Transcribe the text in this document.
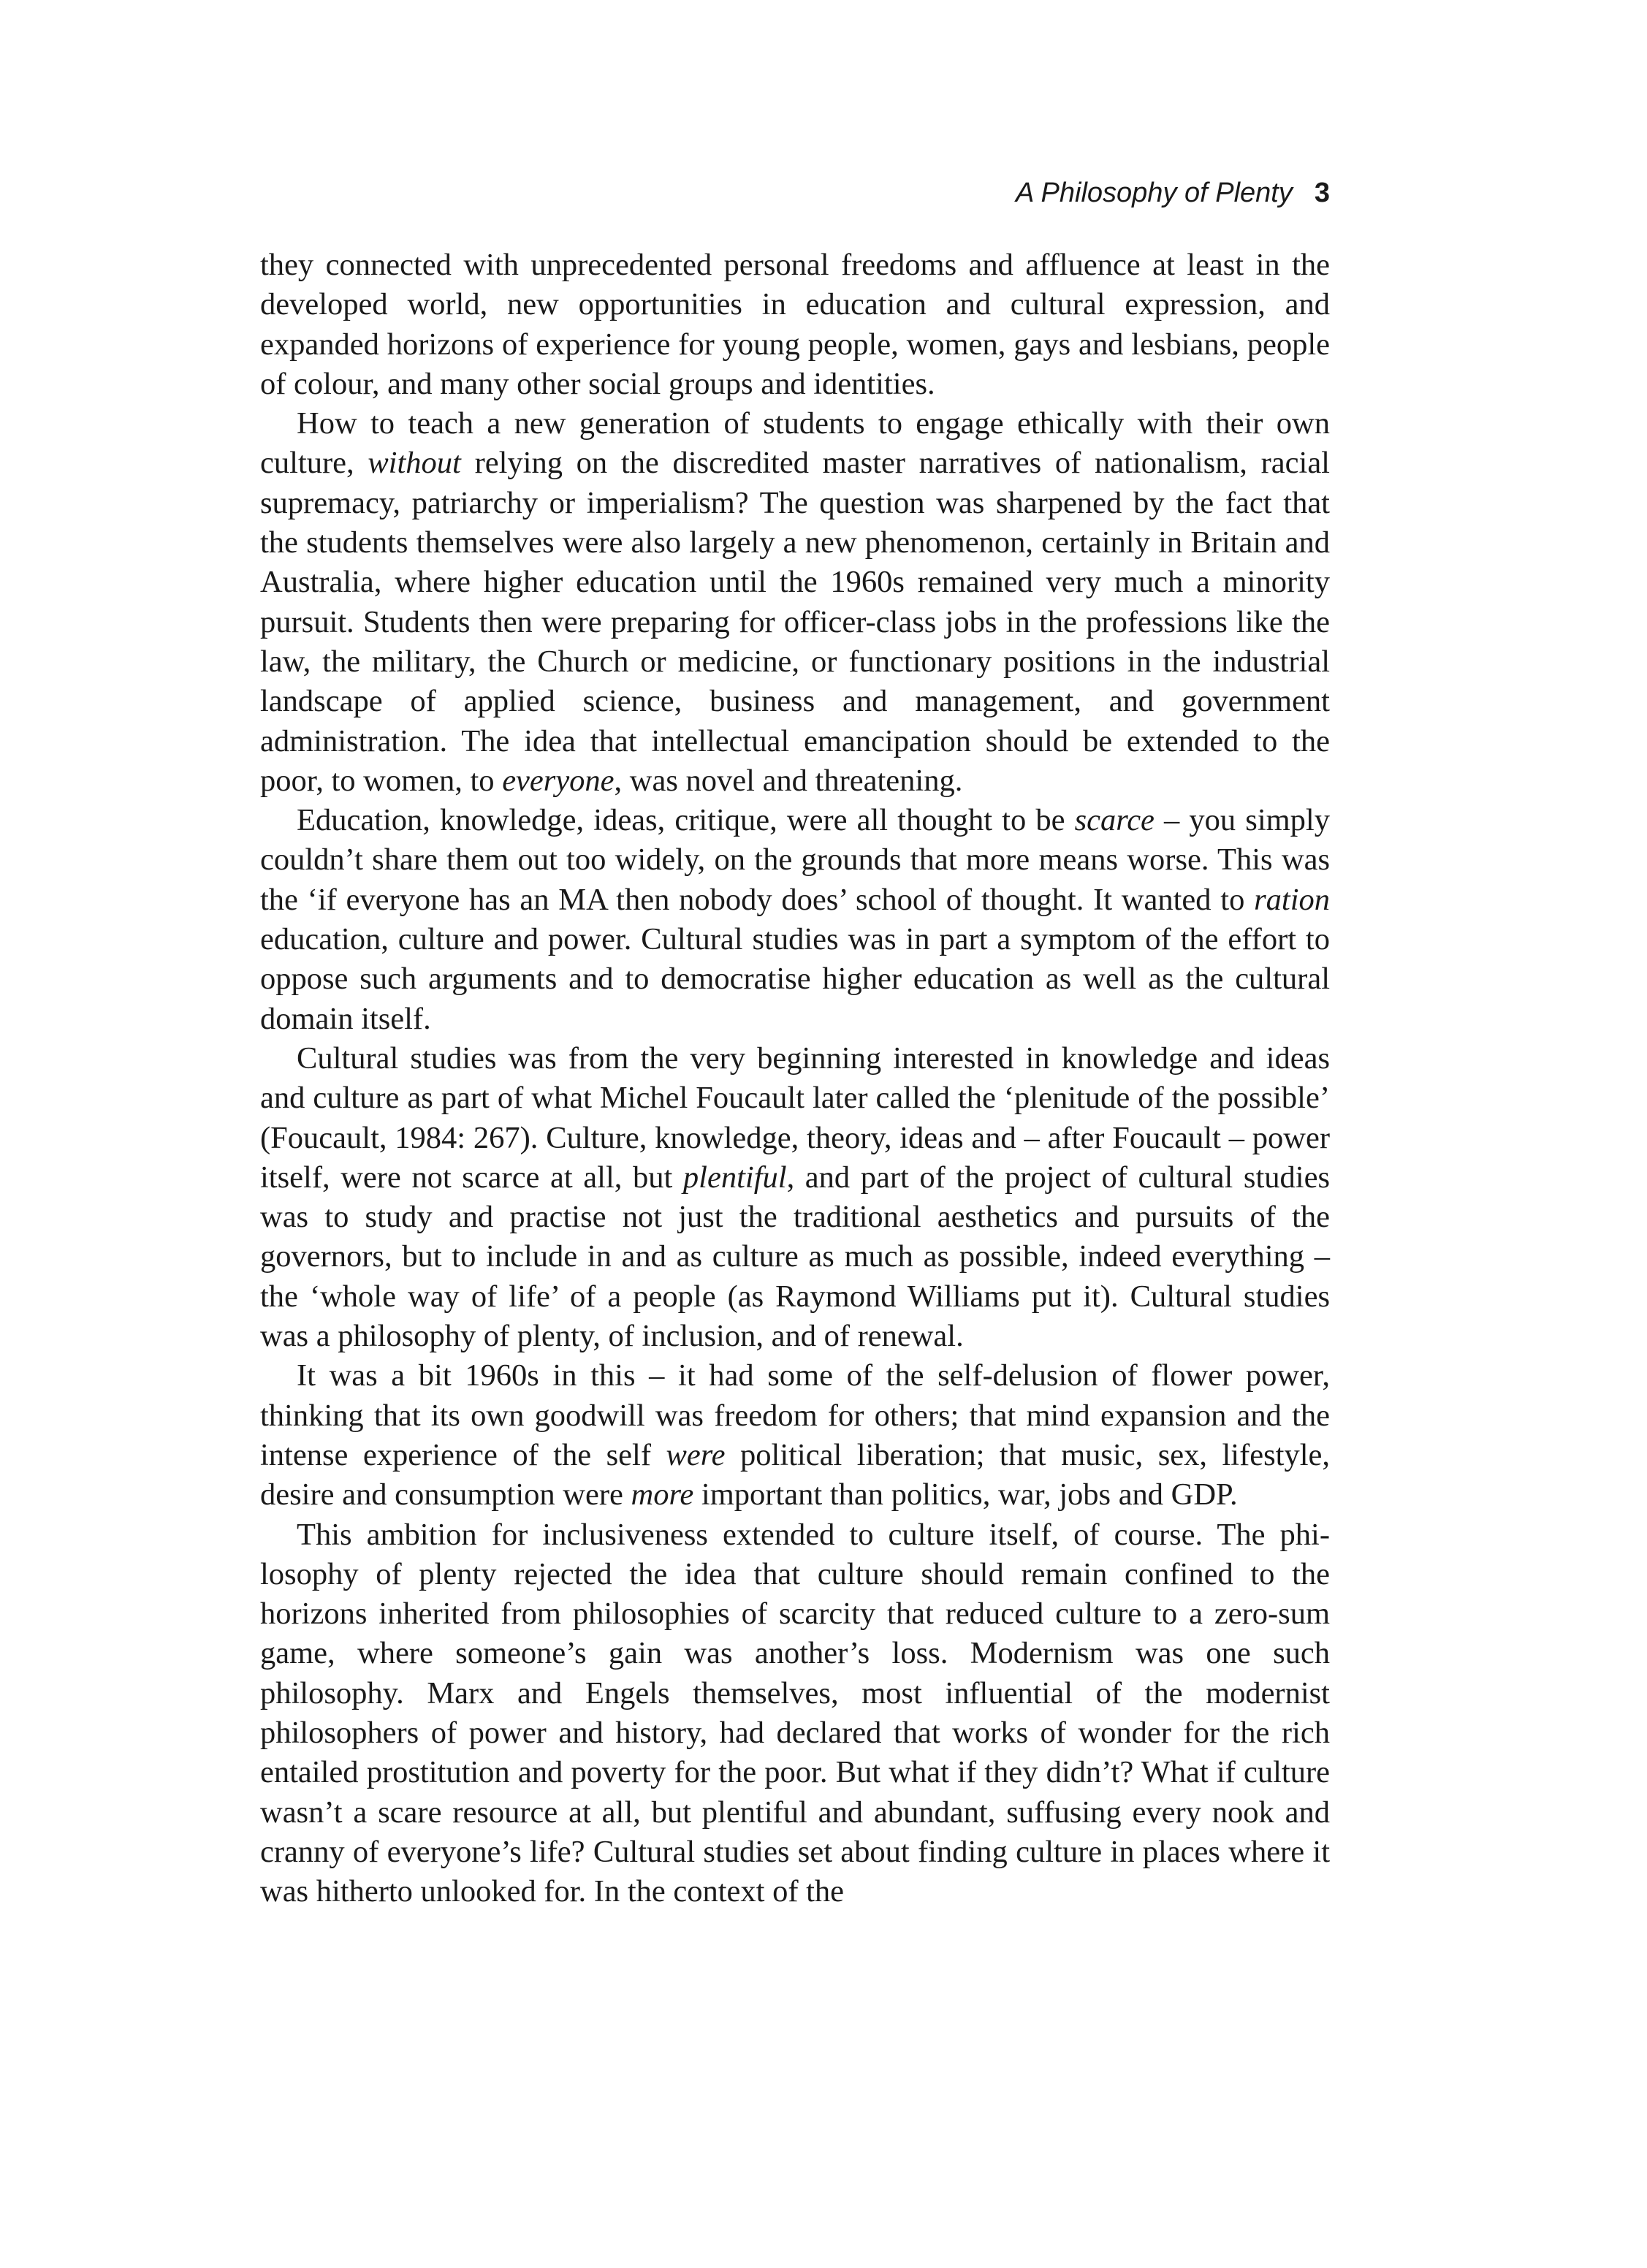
A Philosophy of Plenty 3

they connected with unprecedented personal freedoms and affluence at least in the developed world, new opportunities in education and cultural expression, and expanded horizons of experience for young people, women, gays and lesbians, people of colour, and many other social groups and identities.

How to teach a new generation of students to engage ethically with their own culture, without relying on the discredited master narratives of nationalism, racial supremacy, patriarchy or imperialism? The question was sharpened by the fact that the students themselves were also largely a new phenomenon, certainly in Britain and Australia, where higher education until the 1960s remained very much a minority pursuit. Students then were preparing for officer-class jobs in the professions like the law, the military, the Church or medicine, or functionary positions in the industrial landscape of applied science, business and management, and government administration. The idea that intellectual emancipation should be extended to the poor, to women, to everyone, was novel and threatening.

Education, knowledge, ideas, critique, were all thought to be scarce – you simply couldn’t share them out too widely, on the grounds that more means worse. This was the ‘if everyone has an MA then nobody does’ school of thought. It wanted to ration education, culture and power. Cultural studies was in part a symptom of the effort to oppose such arguments and to democratise higher education as well as the cultural domain itself.

Cultural studies was from the very beginning interested in knowledge and ideas and culture as part of what Michel Foucault later called the ‘plenitude of the possible’ (Foucault, 1984: 267). Culture, knowledge, theory, ideas and – after Foucault – power itself, were not scarce at all, but plentiful, and part of the project of cultural studies was to study and practise not just the traditional aesthetics and pursuits of the governors, but to include in and as culture as much as possible, indeed everything – the ‘whole way of life’ of a people (as Raymond Williams put it). Cultural studies was a philosophy of plenty, of inclusion, and of renewal.

It was a bit 1960s in this – it had some of the self-delusion of flower power, thinking that its own goodwill was freedom for others; that mind expansion and the intense experience of the self were political liberation; that music, sex, lifestyle, desire and consumption were more important than politics, war, jobs and GDP.

This ambition for inclusiveness extended to culture itself, of course. The philosophy of plenty rejected the idea that culture should remain confined to the horizons inherited from philosophies of scarcity that reduced culture to a zero-sum game, where someone’s gain was another’s loss. Modernism was one such philosophy. Marx and Engels themselves, most influential of the modernist philosophers of power and history, had declared that works of wonder for the rich entailed prostitution and poverty for the poor. But what if they didn’t? What if culture wasn’t a scare resource at all, but plentiful and abundant, suffusing every nook and cranny of everyone’s life? Cultural studies set about finding culture in places where it was hitherto unlooked for. In the context of the
